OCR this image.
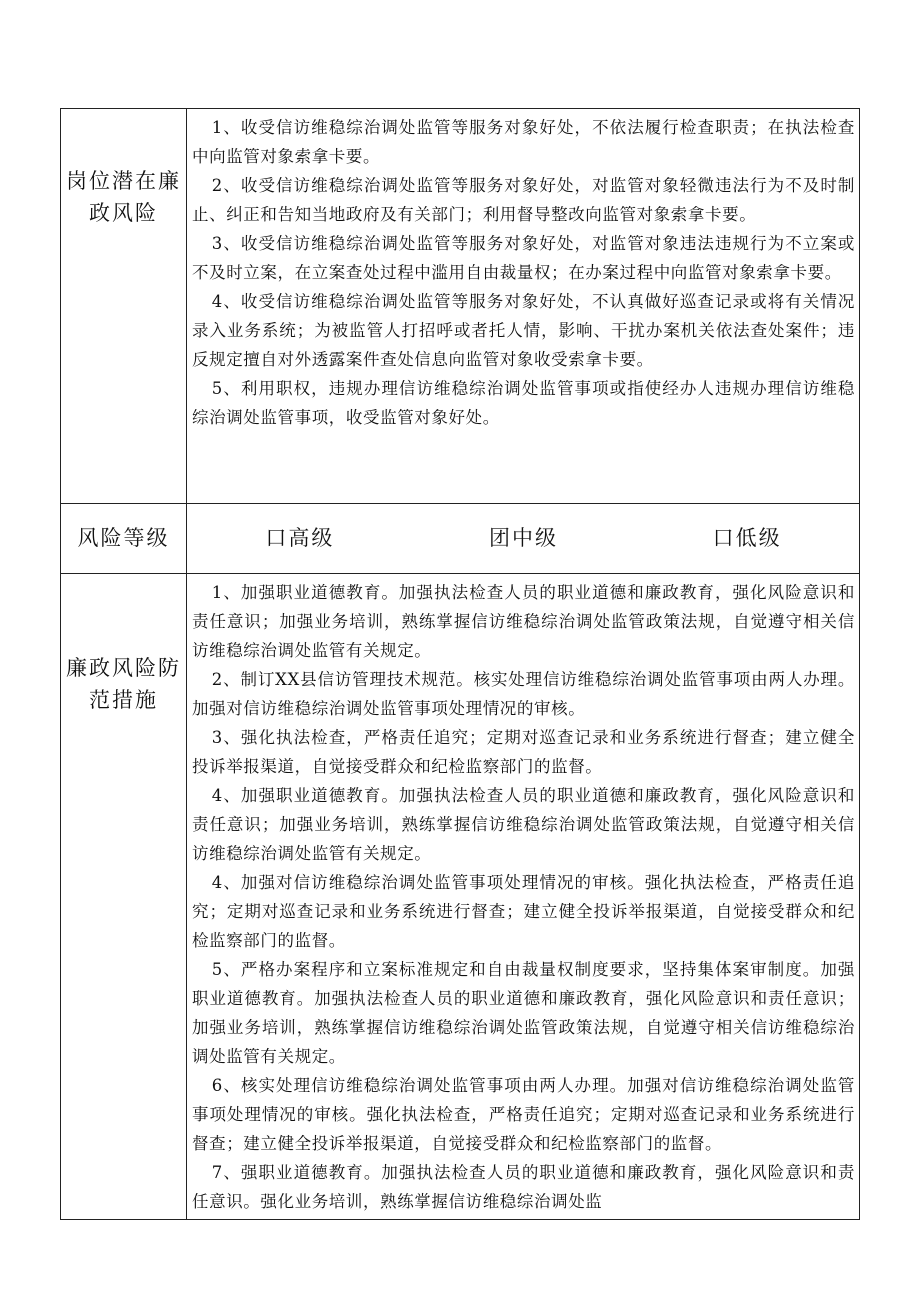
岗位潜在廉政风险

1、收受信访维稳综治调处监管等服务对象好处，不依法履行检查职责；在执法检查中向监管对象索拿卡要。

2、收受信访维稳综治调处监管等服务对象好处，对监管对象轻微违法行为不及时制止、纠正和告知当地政府及有关部门；利用督导整改向监管对象索拿卡要。

3、收受信访维稳综治调处监管等服务对象好处，对监管对象违法违规行为不立案或不及时立案，在立案查处过程中滥用自由裁量权；在办案过程中向监管对象索拿卡要。

4、收受信访维稳综治调处监管等服务对象好处，不认真做好巡查记录或将有关情况录入业务系统；为被监管人打招呼或者托人情，影响、干扰办案机关依法查处案件；违反规定擅自对外透露案件查处信息向监管对象收受索拿卡要。

5、利用职权，违规办理信访维稳综治调处监管事项或指使经办人违规办理信访维稳综治调处监管事项，收受监管对象好处。

风险等级	口高级	团中级	口低级
廉政风险防范措施

1、加强职业道德教育。加强执法检查人员的职业道德和廉政教育，强化风险意识和责任意识；加强业务培训，熟练掌握信访维稳综治调处监管政策法规，自觉遵守相关信访维稳综治调处监管有关规定。

2、制订XX县信访管理技术规范。核实处理信访维稳综治调处监管事项由两人办理。加强对信访维稳综治调处监管事项处理情况的审核。

3、强化执法检查，严格责任追究；定期对巡查记录和业务系统进行督查；建立健全投诉举报渠道，自觉接受群众和纪检监察部门的监督。

4、加强职业道德教育。加强执法检查人员的职业道德和廉政教育，强化风险意识和责任意识；加强业务培训，熟练掌握信访维稳综治调处监管政策法规，自觉遵守相关信访维稳综治调处监管有关规定。

4、加强对信访维稳综治调处监管事项处理情况的审核。强化执法检查，严格责任追究；定期对巡查记录和业务系统进行督查；建立健全投诉举报渠道，自觉接受群众和纪检监察部门的监督。

5、严格办案程序和立案标准规定和自由裁量权制度要求，坚持集体案审制度。加强职业道德教育。加强执法检查人员的职业道德和廉政教育，强化风险意识和责任意识；加强业务培训，熟练掌握信访维稳综治调处监管政策法规，自觉遵守相关信访维稳综治调处监管有关规定。

6、核实处理信访维稳综治调处监管事项由两人办理。加强对信访维稳综治调处监管事项处理情况的审核。强化执法检查，严格责任追究；定期对巡查记录和业务系统进行督查；建立健全投诉举报渠道，自觉接受群众和纪检监察部门的监督。

7、强职业道德教育。加强执法检查人员的职业道德和廉政教育，强化风险意识和责任意识。强化业务培训，熟练掌握信访维稳综治调处监
